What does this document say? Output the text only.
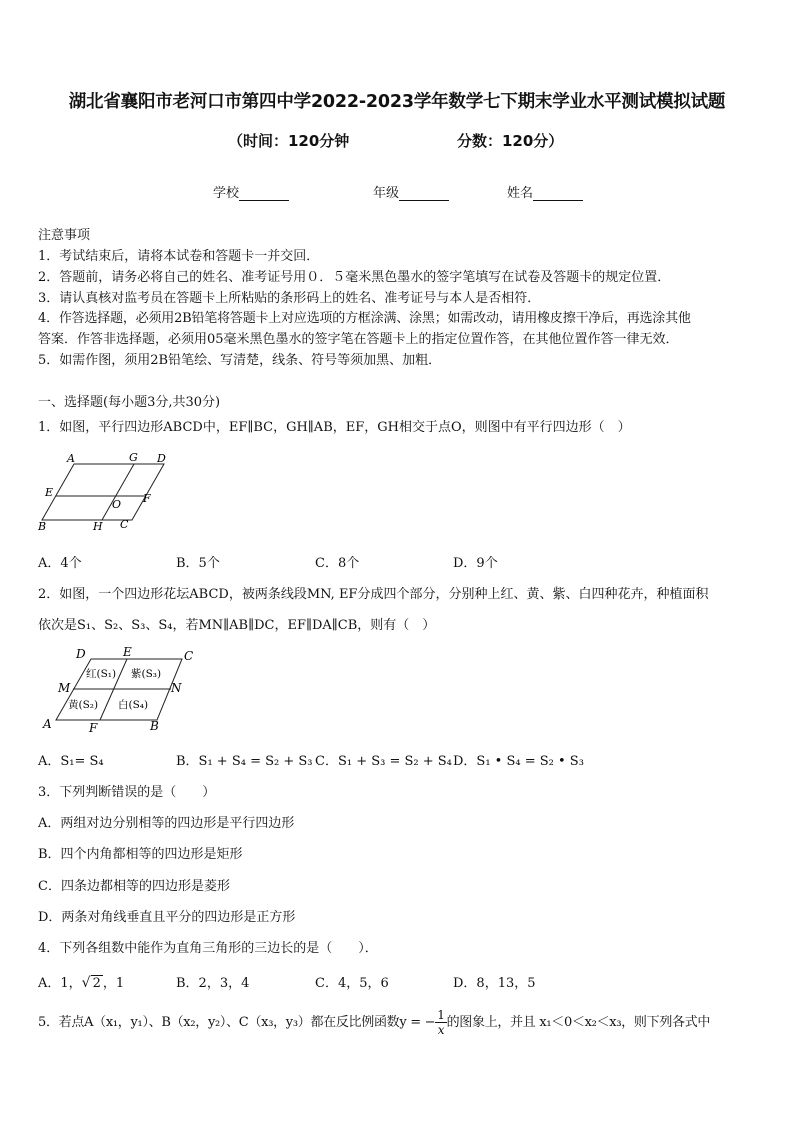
湖北省襄阳市老河口市第四中学2022-2023学年数学七下期末学业水平测试模拟试题
（时间：120分钟	分数：120分）
学校	年级	姓名
注意事项
1．考试结束后，请将本试卷和答题卡一并交回．
2．答题前，请务必将自己的姓名、准考证号用０．５毫米黑色墨水的签字笔填写在试卷及答题卡的规定位置．
3．请认真核对监考员在答题卡上所粘贴的条形码上的姓名、准考证号与本人是否相符．
4．作答选择题，必须用2B铅笔将答题卡上对应选项的方框涂满、涂黑；如需改动，请用橡皮擦干净后，再选涂其他
答案．作答非选择题，必须用05毫米黑色墨水的签字笔在答题卡上的指定位置作答，在其他位置作答一律无效．
5．如需作图，须用2B铅笔绘、写清楚，线条、符号等须加黑、加粗．
一、选择题(每小题3分,共30分)
1．如图，平行四边形ABCD中，EF∥BC，GH∥AB，EF，GH相交于点O，则图中有平行四边形（　）
A	G D
E
O F
B	H C
A．4个	B．5个	C．8个	D．9个
2．如图，一个四边形花坛ABCD，被两条线段MN, EF分成四个部分，分别种上红、黄、紫、白四种花卉，种植面积
依次是S₁、S₂、S₃、S₄，若MN∥AB∥DC，EF∥DA∥CB，则有（　）
D	E	C
M	N
A	F	B
红(S₁) 紫(S₃)
黄(S₂) 白(S₄)
A．S₁= S₄	B．S₁ + S₄ = S₂ + S₃ C．S₁ + S₃ = S₂ + S₄ D．S₁ • S₄ = S₂ • S₃
3．下列判断错误的是（　　）
A．两组对边分别相等的四边形是平行四边形
B．四个内角都相等的四边形是矩形
C．四条边都相等的四边形是菱形
D．两条对角线垂直且平分的四边形是正方形
4．下列各组数中能作为直角三角形的三边长的是（　　）．
A．1，√ 2 ，1	B．2，3，4	C．4，5，6	D．8，13，5
5．若点A（x₁，y₁）、B（x₂，y₂）、C（x₃，y₃）都在反比例函数y = − $\frac{1}{x}$ 的图象上，并且 x₁＜0＜x₂＜x₃，则下列各式中
